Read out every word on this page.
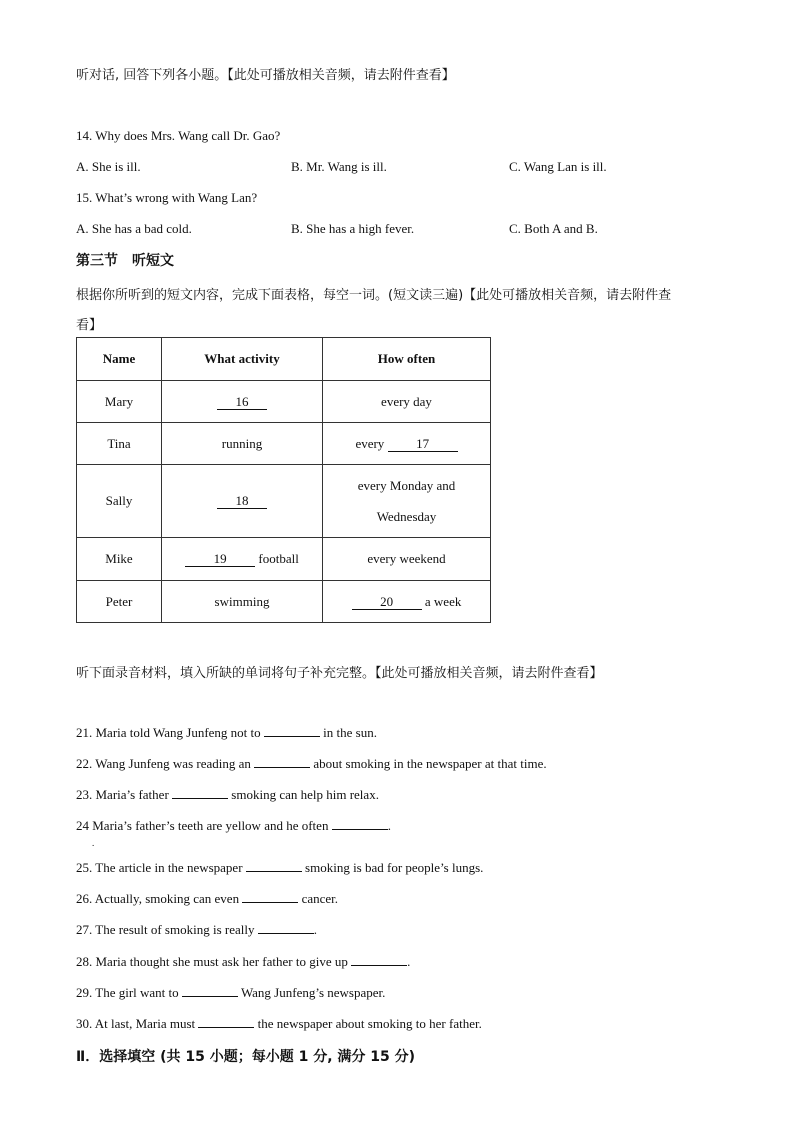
听对话, 回答下列各小题。【此处可播放相关音频，请去附件查看】
14. Why does Mrs. Wang call Dr. Gao?
A. She is ill.	B. Mr. Wang is ill.	C. Wang Lan is ill.
15. What’s wrong with Wang Lan?
A. She has a bad cold.	B. She has a high fever.	C. Both A and B.
第三节 听短文
根据你所听到的短文内容，完成下面表格，每空一词。(短文读三遍)【此处可播放相关音频，请去附件查
看】
Name	What activity	How often
Mary	16	every day
Tina	running	every 17
Sally	18	every Monday and
Wednesday

Mike	19 football	every weekend
Peter	swimming	20 a week
听下面录音材料，填入所缺的单词将句子补充完整。【此处可播放相关音频，请去附件查看】
21. Maria told Wang Junfeng not to	in the sun.
22. Wang Junfeng was reading an	about smoking in the newspaper at that time.
23. Maria’s father	smoking can help him relax.
24 Maria’s father’s teeth are yellow and he often	.
.
25. The article in the newspaper	smoking is bad for people’s lungs.
26. Actually, smoking can even	cancer.
27. The result of smoking is really	.
28. Maria thought she must ask her father to give up	.
29. The girl want to	Wang Junfeng’s newspaper.
30. At last, Maria must	the newspaper about smoking to her father.
Ⅱ．选择填空 (共 15 小题；每小题 1 分, 满分 15 分)
